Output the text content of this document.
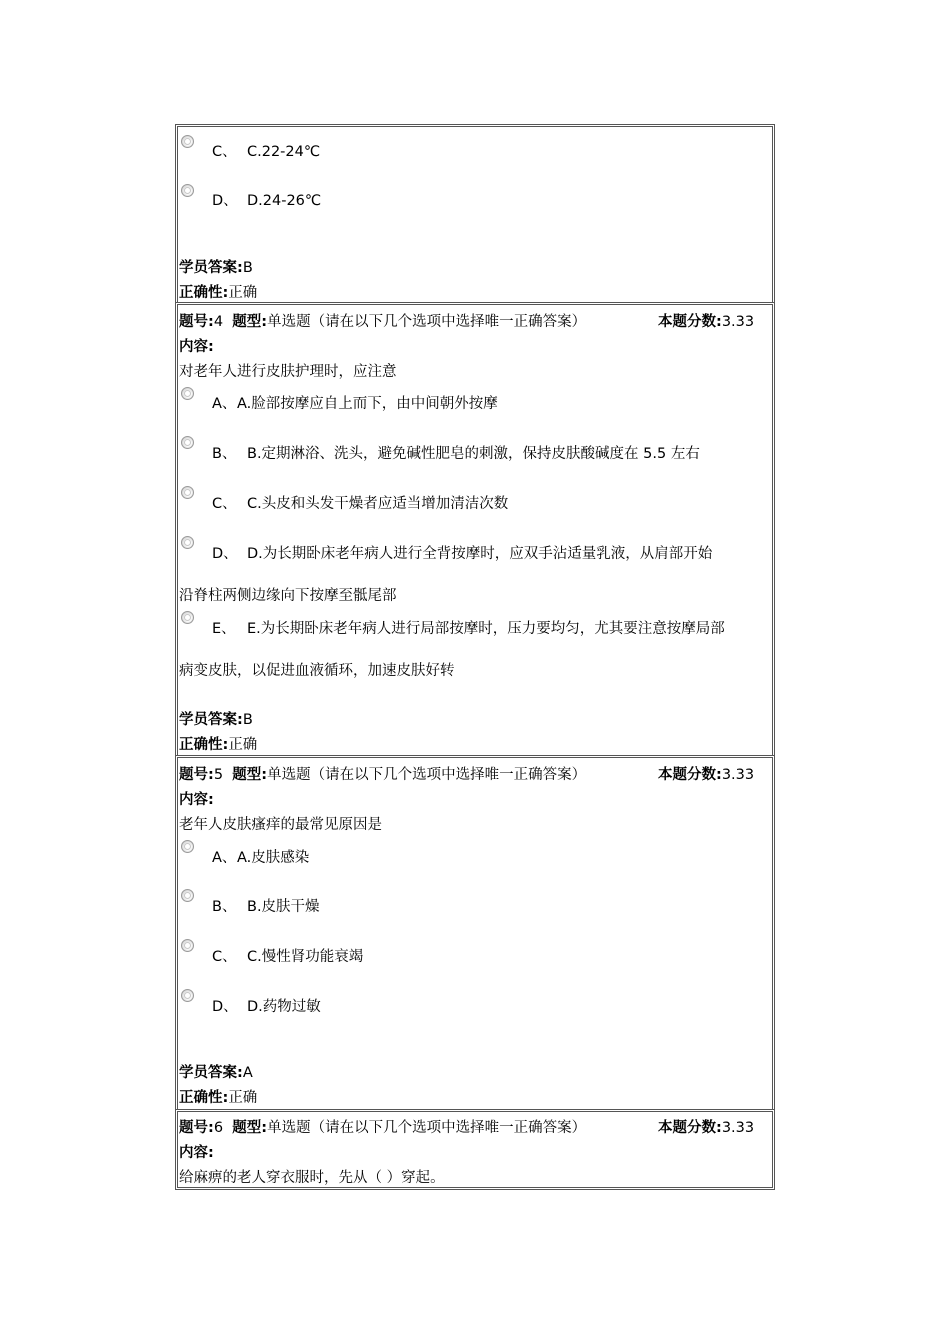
C、 C.22-24℃
D、 D.24-26℃
学员答案:B
正确性:正确
题号:4 题型:单选题（请在以下几个选项中选择唯一正确答案）	本题分数:3.33
内容:
对老年人进行皮肤护理时，应注意
A、 A.脸部按摩应自上而下，由中间朝外按摩
B、 B.定期淋浴、洗头，避免碱性肥皂的刺激，保持皮肤酸碱度在 5.5 左右
C、 C.头皮和头发干燥者应适当增加清洁次数
D、 D.为长期卧床老年病人进行全背按摩时，应双手沾适量乳液，从肩部开始
沿脊柱两侧边缘向下按摩至骶尾部
E、 E.为长期卧床老年病人进行局部按摩时，压力要均匀，尤其要注意按摩局部
病变皮肤，以促进血液循环，加速皮肤好转
学员答案:B
正确性:正确
题号:5 题型:单选题（请在以下几个选项中选择唯一正确答案）	本题分数:3.33
内容:
老年人皮肤瘙痒的最常见原因是
A、 A.皮肤感染
B、 B.皮肤干燥
C、 C.慢性肾功能衰竭
D、 D.药物过敏
学员答案:A
正确性:正确
题号:6 题型:单选题（请在以下几个选项中选择唯一正确答案）	本题分数:3.33
内容:
给麻痹的老人穿衣服时，先从（ ）穿起。
